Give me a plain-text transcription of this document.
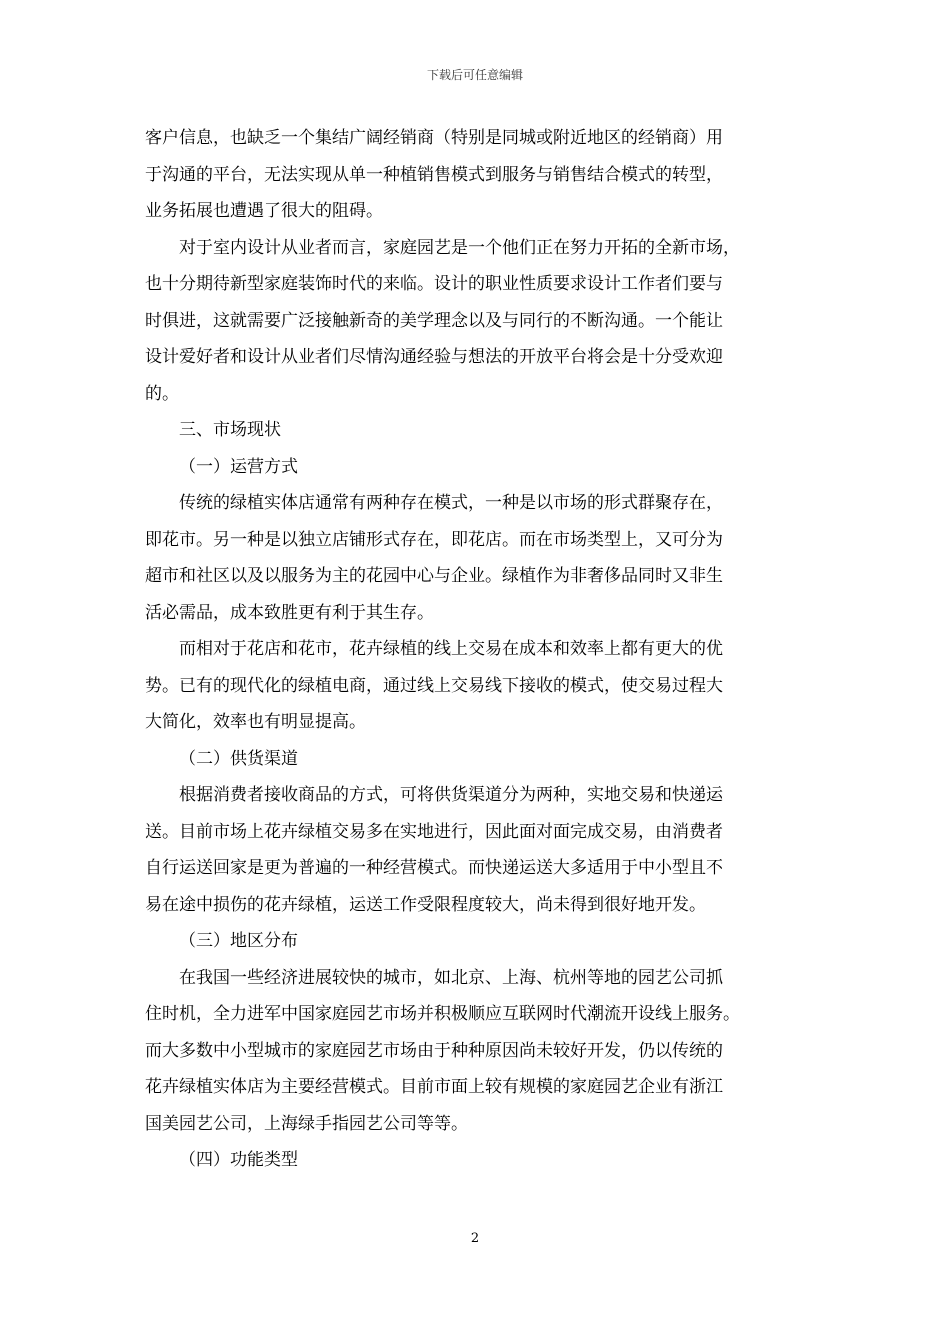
下载后可任意编辑
客户信息，也缺乏一个集结广阔经销商（特别是同城或附近地区的经销商）用
于沟通的平台，无法实现从单一种植销售模式到服务与销售结合模式的转型，
业务拓展也遭遇了很大的阻碍。
对于室内设计从业者而言，家庭园艺是一个他们正在努力开拓的全新市场，
也十分期待新型家庭装饰时代的来临。设计的职业性质要求设计工作者们要与
时俱进，这就需要广泛接触新奇的美学理念以及与同行的不断沟通。一个能让
设计爱好者和设计从业者们尽情沟通经验与想法的开放平台将会是十分受欢迎
的。
三、市场现状
（一）运营方式
传统的绿植实体店通常有两种存在模式，一种是以市场的形式群聚存在，
即花市。另一种是以独立店铺形式存在，即花店。而在市场类型上，又可分为
超市和社区以及以服务为主的花园中心与企业。绿植作为非奢侈品同时又非生
活必需品，成本致胜更有利于其生存。
而相对于花店和花市，花卉绿植的线上交易在成本和效率上都有更大的优
势。已有的现代化的绿植电商，通过线上交易线下接收的模式，使交易过程大
大简化，效率也有明显提高。
（二）供货渠道
根据消费者接收商品的方式，可将供货渠道分为两种，实地交易和快递运
送。目前市场上花卉绿植交易多在实地进行，因此面对面完成交易，由消费者
自行运送回家是更为普遍的一种经营模式。而快递运送大多适用于中小型且不
易在途中损伤的花卉绿植，运送工作受限程度较大，尚未得到很好地开发。
（三）地区分布
在我国一些经济进展较快的城市，如北京、上海、杭州等地的园艺公司抓
住时机，全力进军中国家庭园艺市场并积极顺应互联网时代潮流开设线上服务。
而大多数中小型城市的家庭园艺市场由于种种原因尚未较好开发，仍以传统的
花卉绿植实体店为主要经营模式。目前市面上较有规模的家庭园艺企业有浙江
国美园艺公司，上海绿手指园艺公司等等。
（四）功能类型
2
